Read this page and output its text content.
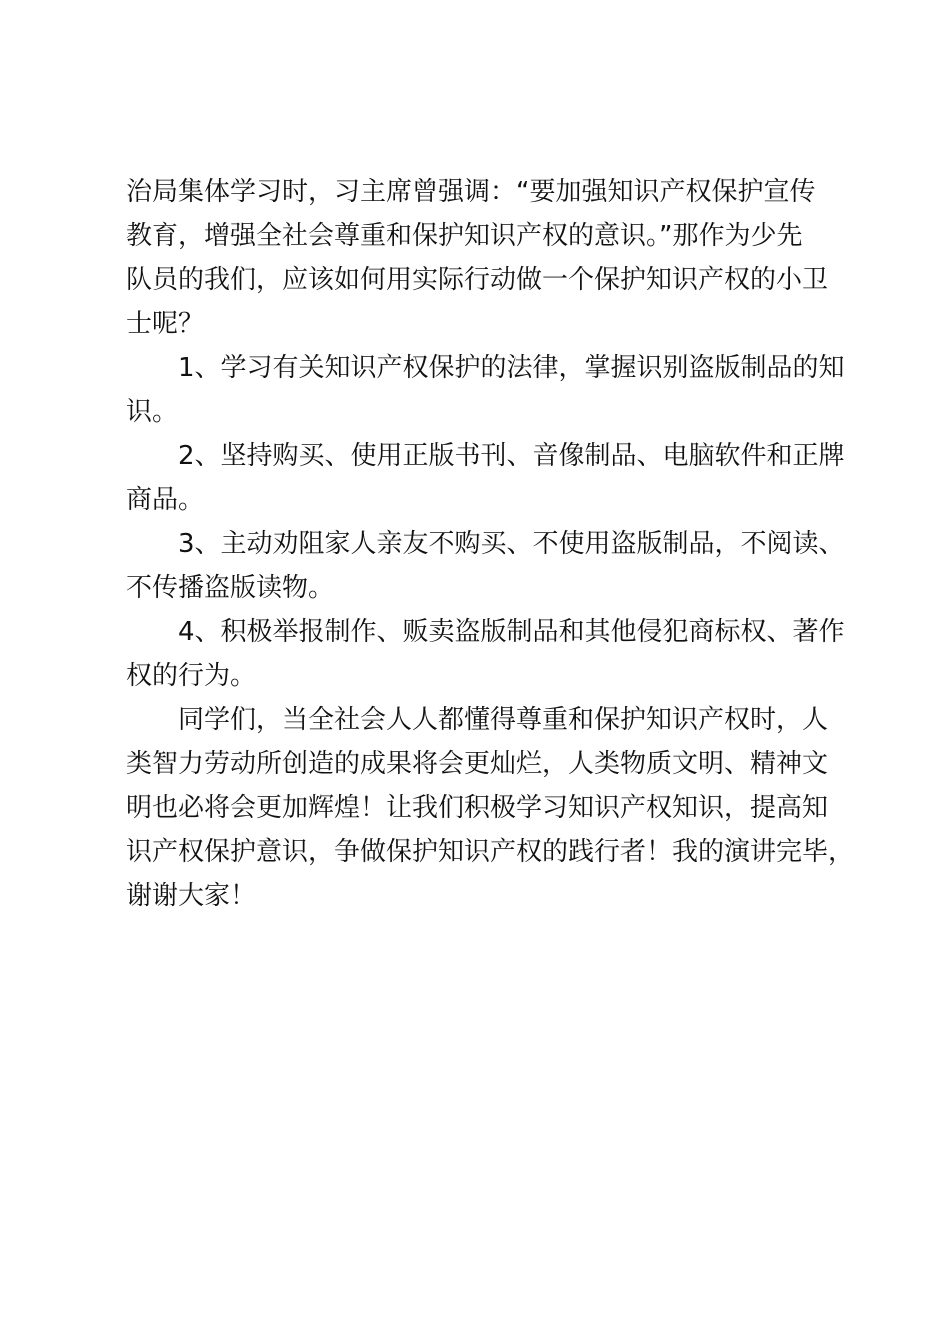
治局集体学习时，习主席曾强调：“要加强知识产权保护宣传
教育，增强全社会尊重和保护知识产权的意识。”那作为少先
队员的我们，应该如何用实际行动做一个保护知识产权的小卫
士呢？

1、学习有关知识产权保护的法律，掌握识别盗版制品的知
识。

2、坚持购买、使用正版书刊、音像制品、电脑软件和正牌
商品。

3、主动劝阻家人亲友不购买、不使用盗版制品，不阅读、
不传播盗版读物。

4、积极举报制作、贩卖盗版制品和其他侵犯商标权、著作
权的行为。

同学们，当全社会人人都懂得尊重和保护知识产权时，人
类智力劳动所创造的成果将会更灿烂，人类物质文明、精神文
明也必将会更加辉煌！让我们积极学习知识产权知识，提高知
识产权保护意识，争做保护知识产权的践行者！我的演讲完毕，
谢谢大家！
